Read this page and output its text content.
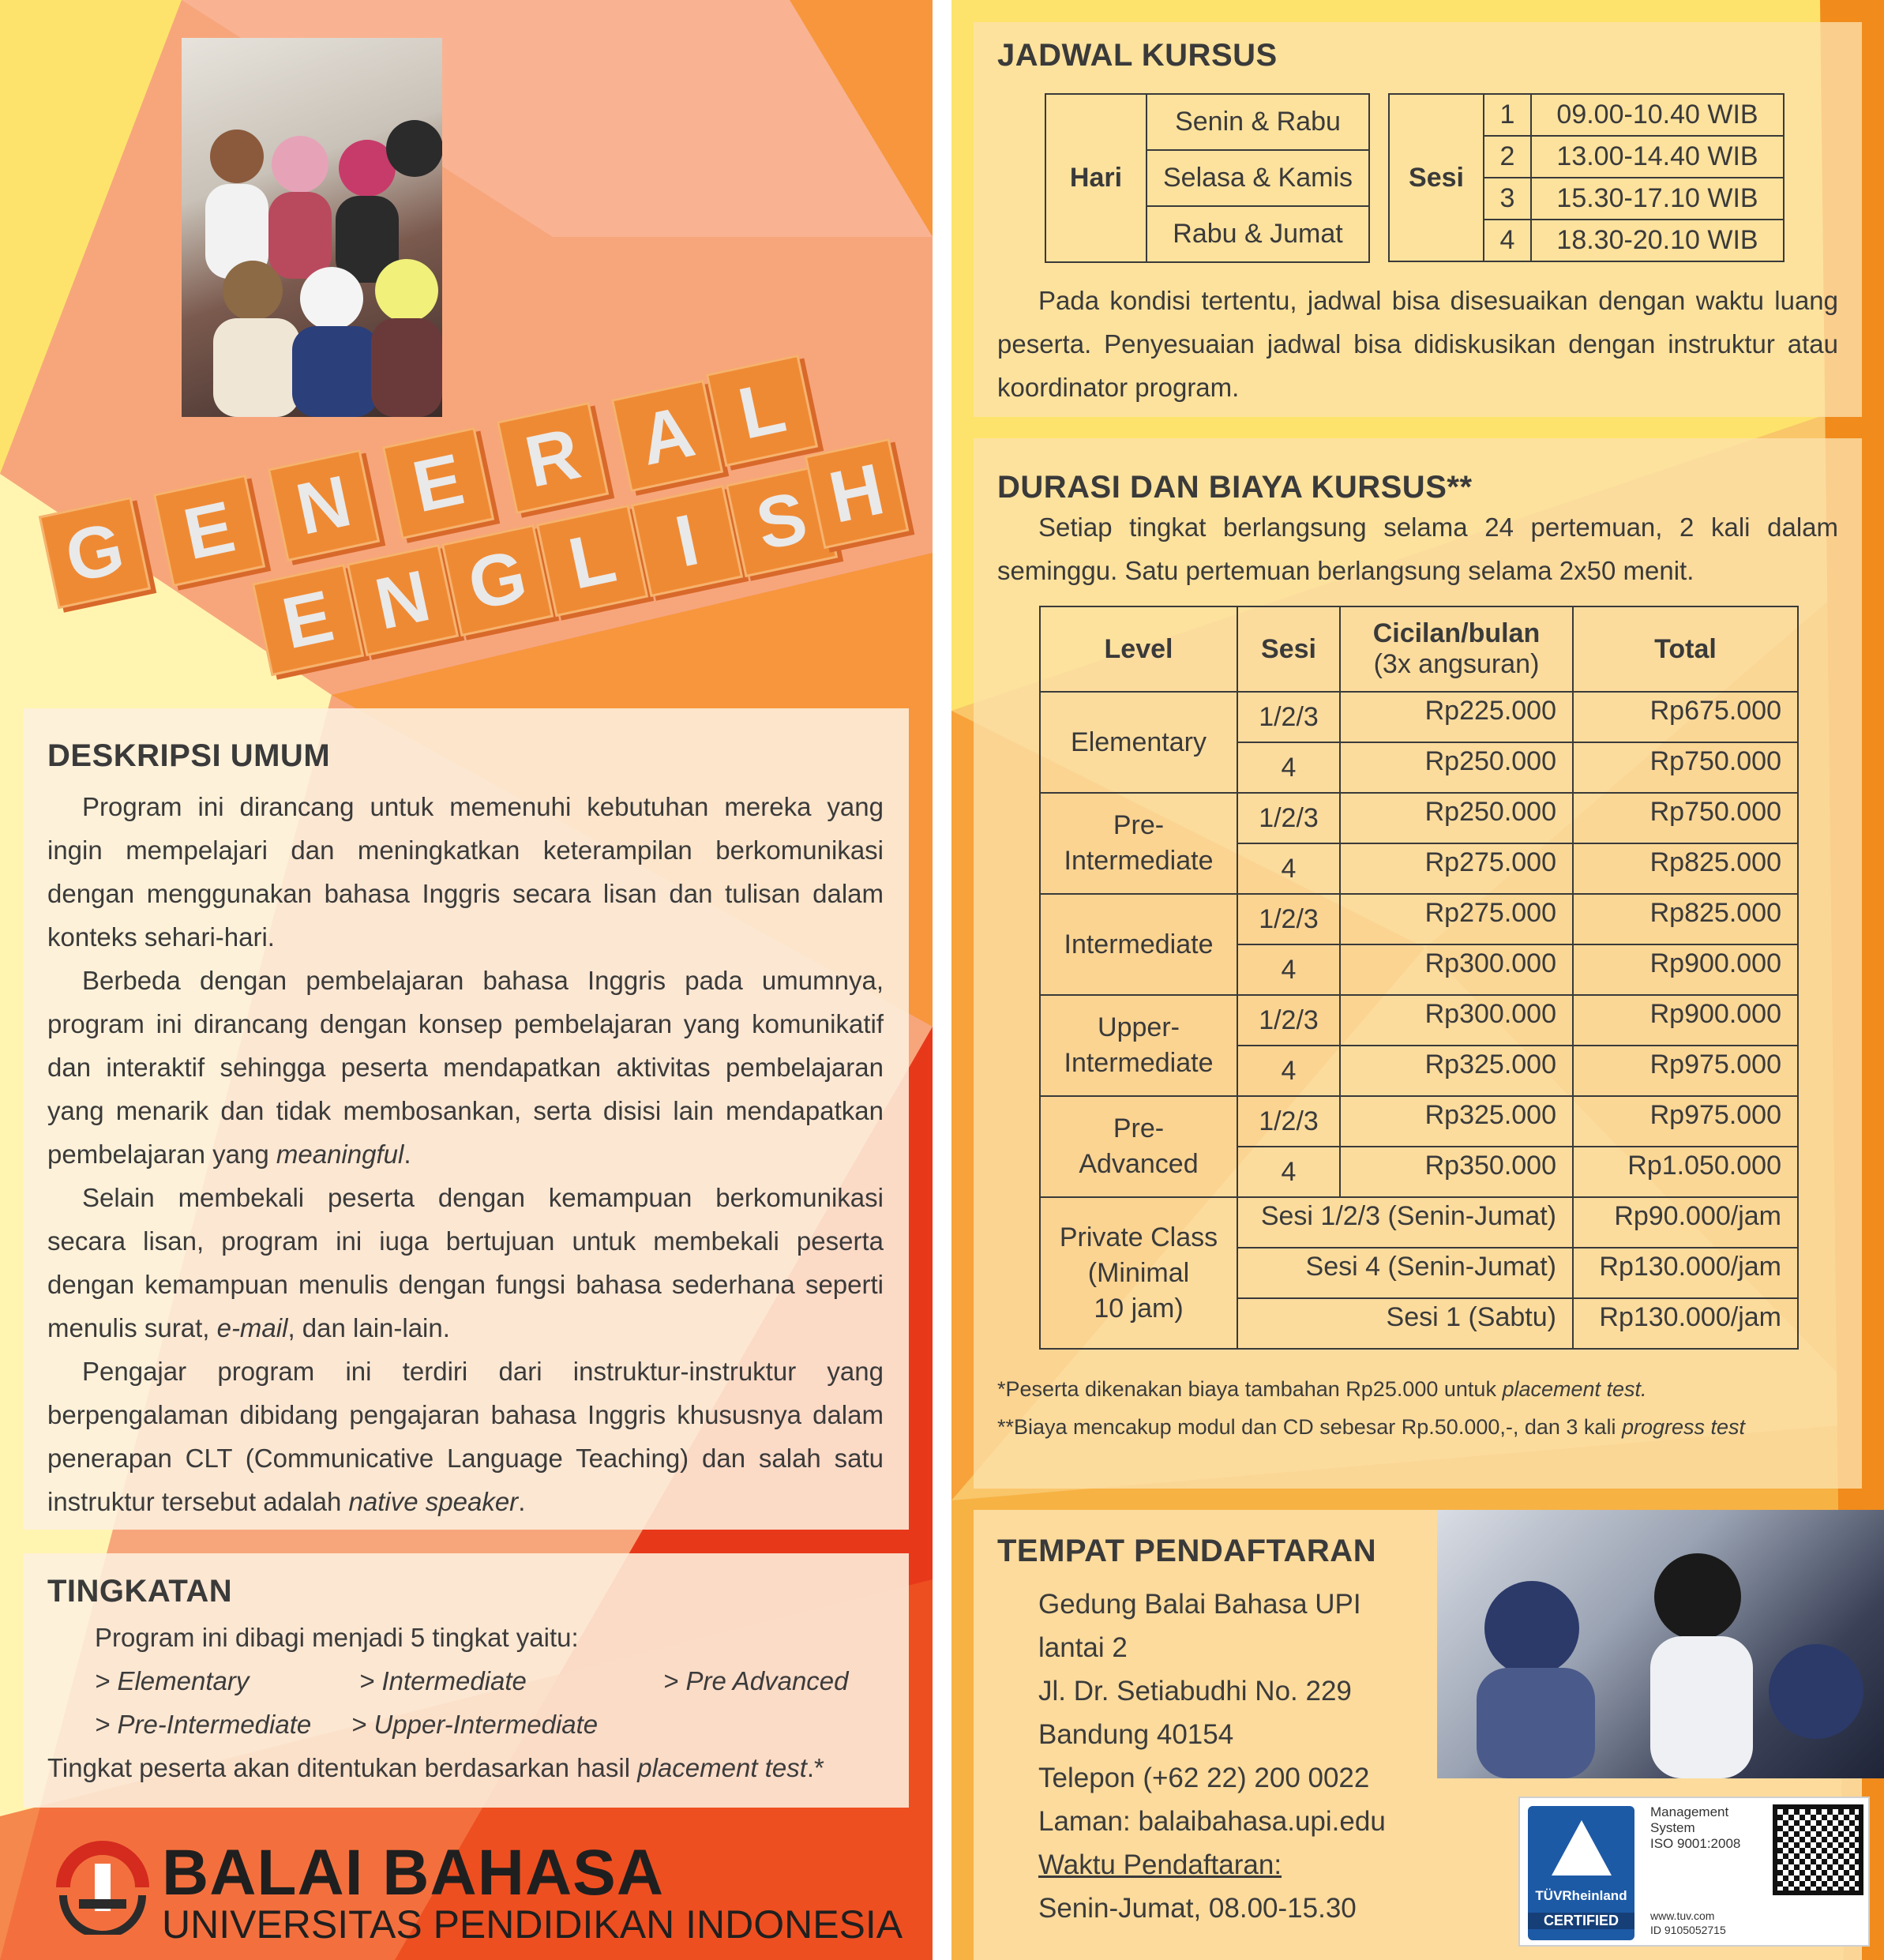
G E N E R A L
E N G L I S H
DESKRIPSI UMUM

Program ini dirancang untuk memenuhi kebutuhan mereka yang ingin mempelajari dan meningkatkan keterampilan berkomunikasi dengan menggunakan bahasa Inggris secara lisan dan tulisan dalam konteks sehari-hari.

Berbeda dengan pembelajaran bahasa Inggris pada umumnya, program ini dirancang dengan konsep pembelajaran yang komunikatif dan interaktif sehingga peserta mendapatkan aktivitas pembelajaran yang menarik dan tidak membosankan, serta disisi lain mendapatkan pembelajaran yang meaningful.

Selain membekali peserta dengan kemampuan berkomunikasi secara lisan, program ini iuga bertujuan untuk membekali peserta dengan kemampuan menulis dengan fungsi bahasa sederhana seperti menulis surat, e-mail, dan lain-lain.

Pengajar program ini terdiri dari instruktur-instruktur yang berpengalaman dibidang pengajaran bahasa Inggris khususnya dalam penerapan CLT (Communicative Language Teaching) dan salah satu instruktur tersebut adalah native speaker.

TINGKATAN
Program ini dibagi menjadi 5 tingkat yaitu:
> Elementary	> Intermediate	> Pre Advanced
> Pre-Intermediate > Upper-Intermediate
Tingkat peserta akan ditentukan berdasarkan hasil placement test.*
BALAI BAHASA
UNIVERSITAS PENDIDIKAN INDONESIA
JADWAL KURSUS
Hari	Senin & Rabu
Selasa & Kamis
Rabu & Jumat
Sesi	1	09.00-10.40 WIB
	2	13.00-14.40 WIB
	3	15.30-17.10 WIB
	4	18.30-20.10 WIB

Pada kondisi tertentu, jadwal bisa disesuaikan dengan waktu luang peserta. Penyesuaian jadwal bisa didiskusikan dengan instruktur atau koordinator program.

DURASI DAN BIAYA KURSUS**

Setiap tingkat berlangsung selama 24 pertemuan, 2 kali dalam seminggu. Satu pertemuan berlangsung selama 2x50 menit.

Level	Sesi	Cicilan/bulan
(3x angsuran)	Total
Elementary	1/2/3	Rp225.000	Rp675.000
	4	Rp250.000	Rp750.000
Pre-
Intermediate	1/2/3	Rp250.000	Rp750.000
	4	Rp275.000	Rp825.000
Intermediate	1/2/3	Rp275.000	Rp825.000
	4	Rp300.000	Rp900.000
Upper-
Intermediate	1/2/3	Rp300.000	Rp900.000
	4	Rp325.000	Rp975.000
Pre-
Advanced	1/2/3	Rp325.000	Rp975.000
	4	Rp350.000	Rp1.050.000
Private Class
(Minimal
10 jam)	Sesi 1/2/3 (Senin-Jumat)		Rp90.000/jam
	Sesi 4 (Senin-Jumat)		Rp130.000/jam
	Sesi 1 (Sabtu)		Rp130.000/jam
*Peserta dikenakan biaya tambahan Rp25.000 untuk placement test.
**Biaya mencakup modul dan CD sebesar Rp.50.000,-, dan 3 kali progress test
TEMPAT PENDAFTARAN
Gedung Balai Bahasa UPI
lantai 2
Jl. Dr. Setiabudhi No. 229
Bandung 40154
Telepon (+62 22) 200 0022
Laman: balaibahasa.upi.edu
Waktu Pendaftaran:
Senin-Jumat, 08.00-15.30	TÜVRheinland
CERTIFIED
Management
System
ISO 9001:2008
www.tuv.com
ID 9105052715
